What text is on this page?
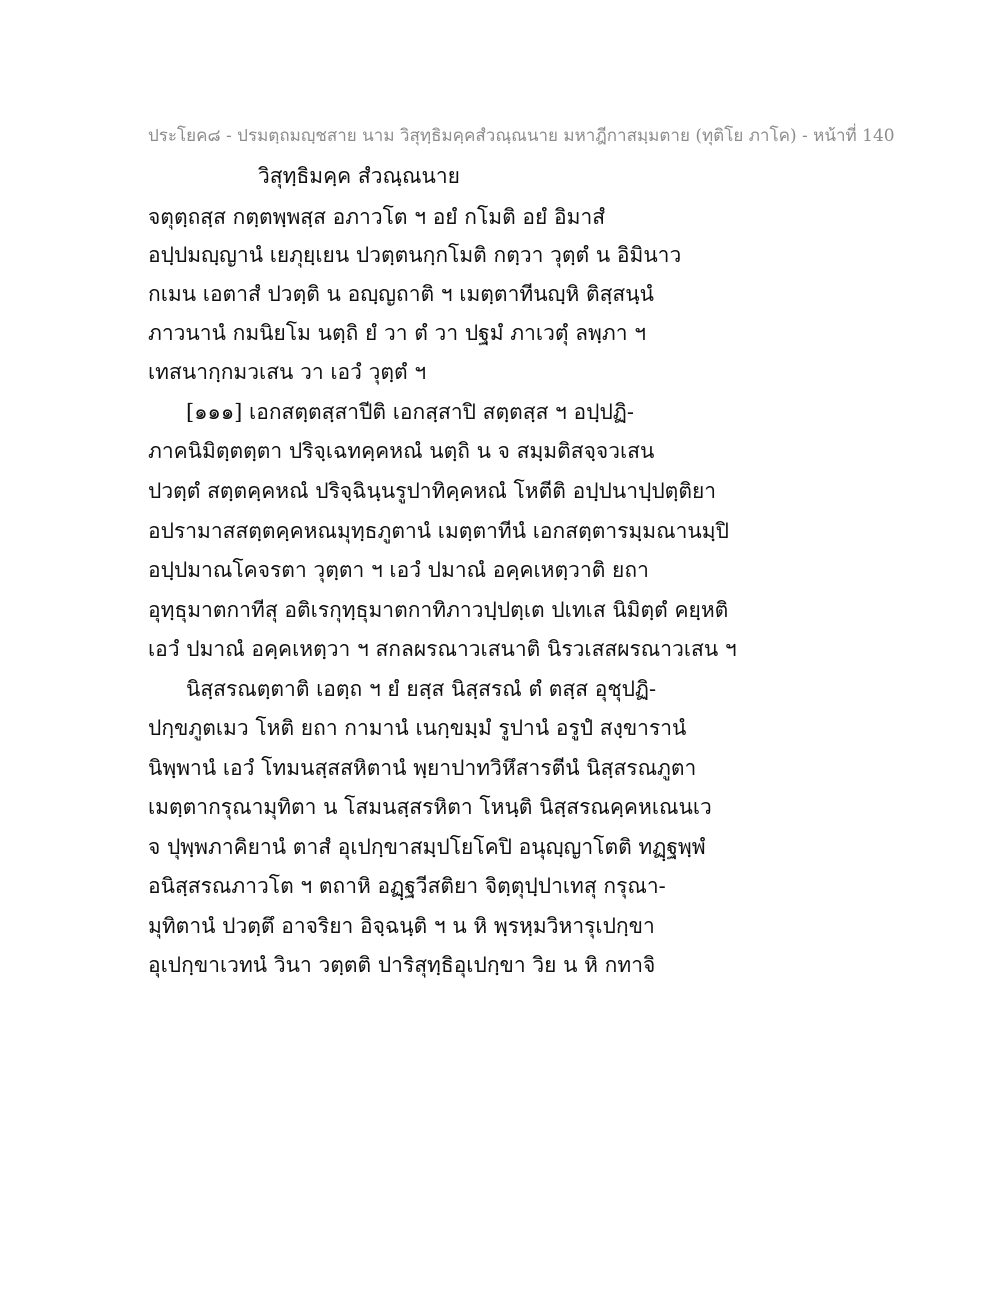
ประโยค๘ - ปรมตฺถมญฺชสาย นาม วิสุทฺธิมคฺคสํวณฺณนาย มหาฎีกาสมฺมตาย (ทุติโย ภาโค) - หน้าที่ 140
วิสุทฺธิมคฺค สํวณฺณนาย
จตุตฺถสฺส กตฺตพฺพสฺส อภาวโต ฯ อยํ กโมติ อยํ อิมาสํ
อปฺปมญฺญานํ เยภุยฺเยน ปวตฺตนกฺกโมติ กตฺวา วุตฺตํ น อิมินาว
กเมน เอตาสํ ปวตฺติ น อญฺญถาติ ฯ เมตฺตาทีนญฺหิ ติสฺสนฺนํ
ภาวนานํ กมนิยโม นตฺถิ ยํ วา ตํ วา ปฐมํ ภาเวตุํ ลพฺภา ฯ
เทสนากฺกมวเสน วา เอวํ วุตฺตํ ฯ
[๑๑๑] เอกสตฺตสฺสาปีติ เอกสฺสาปิ สตฺตสฺส ฯ อปฺปฏิ-
ภาคนิมิตฺตตฺตา ปริจฺเฉทคฺคหณํ นตฺถิ น จ สมฺมติสจฺจวเสน
ปวตฺตํ สตฺตคฺคหณํ ปริจฺฉินฺนรูปาทิคฺคหณํ โหตีติ อปฺปนาปฺปตฺติยา
อปรามาสสตฺตคฺคหณมุทฺธภูตานํ เมตฺตาทีนํ เอกสตฺตารมฺมณานมฺปิ
อปฺปมาณโคจรตา วุตฺตา ฯ เอวํ ปมาณํ อคฺคเหตฺวาติ ยถา
อุทฺธุมาตกาทีสุ อติเรกุทฺธุมาตกาทิภาวปฺปตฺเต ปเทเส นิมิตฺตํ คยฺหติ
เอวํ ปมาณํ อคฺคเหตฺวา ฯ สกลผรณาวเสนาติ นิรวเสสผรณาวเสน ฯ
นิสฺสรณตฺตาติ เอตฺถ ฯ ยํ ยสฺส นิสฺสรณํ ตํ ตสฺส อุชุปฏิ-
ปกฺขภูตเมว โหติ ยถา กามานํ เนกฺขมฺมํ รูปานํ อรูปํ สงฺขารานํ
นิพฺพานํ เอวํ โทมนสฺสสหิตานํ พฺยาปาทวิหึสารตีนํ นิสฺสรณภูตา
เมตฺตากรุณามุทิตา น โสมนสฺสรหิตา โหนฺติ นิสฺสรณคฺคหเณนเว
จ ปุพฺพภาคิยานํ ตาสํ อุเปกฺขาสมฺปโยโคปิ อนุญฺญาโตติ ทฏฺฐพฺพํ
อนิสฺสรณภาวโต ฯ ตถาหิ อฏฺฐวีสติยา จิตฺตุปฺปาเทสุ กรุณา-
มุทิตานํ ปวตฺตึ อาจริยา อิจฺฉนฺติ ฯ น หิ พฺรหฺมวิหารุเปกฺขา
อุเปกฺขาเวทนํ วินา วตฺตติ ปาริสุทฺธิอุเปกฺขา วิย น หิ กทาจิ
